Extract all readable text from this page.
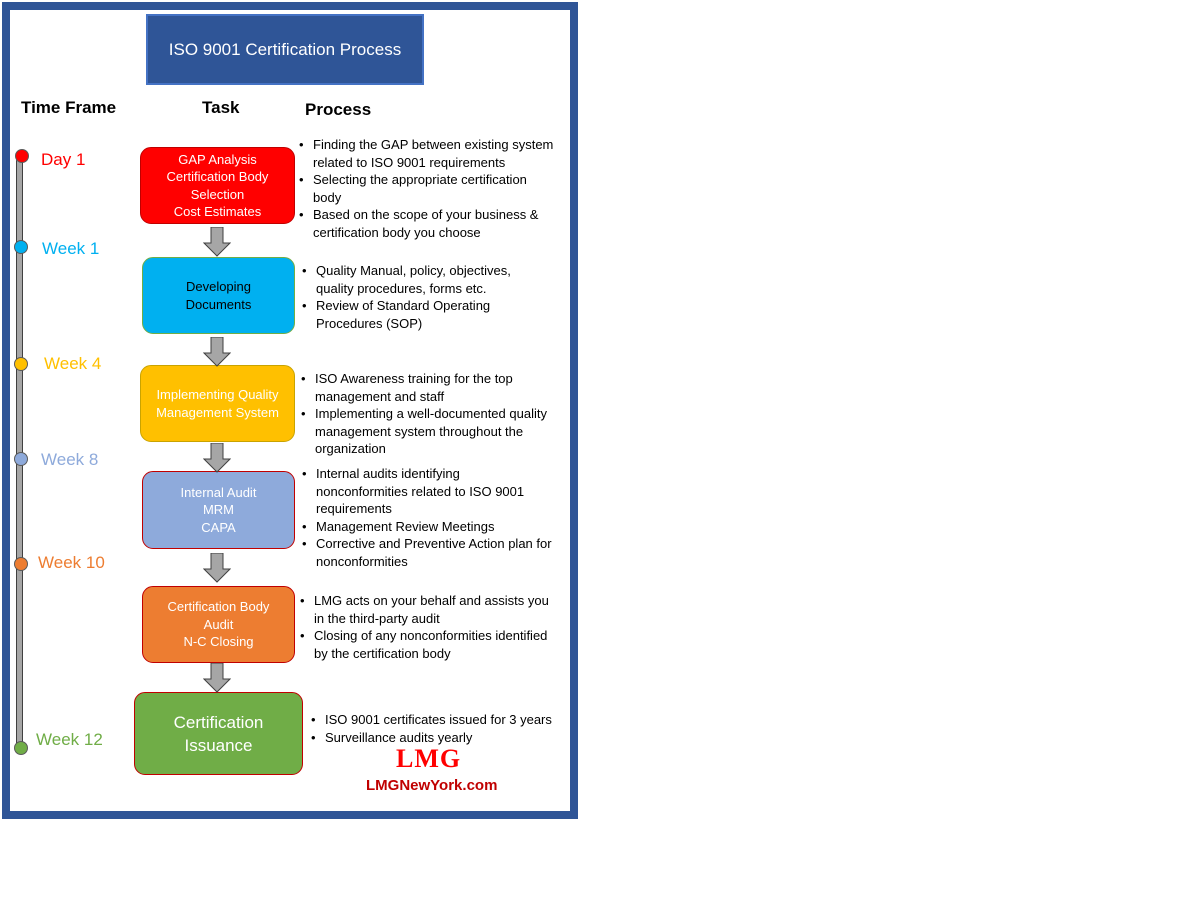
ISO 9001 Certification Process
Time Frame	Task	Process
Day 1
Week 1
Week 4
Week 8
Week 10
Week 12
GAP Analysis
Certification Body
Selection
Cost Estimates
Developing
Documents
Implementing Quality
Management System
Internal Audit
MRM
CAPA
Certification Body
Audit
N-C Closing
Certification
Issuance
• Finding the GAP between existing system
related to ISO 9001 requirements
• Selecting the appropriate certification
body
• Based on the scope of your business &
certification body you choose
• Quality Manual, policy, objectives,
quality procedures, forms etc.
• Review of Standard Operating
Procedures (SOP)
• ISO Awareness training for the top
management and staff
• Implementing a well-documented quality
management system throughout the
organization
• Internal audits identifying
nonconformities related to ISO 9001
requirements
• Management Review Meetings
• Corrective and Preventive Action plan for
nonconformities
• LMG acts on your behalf and assists you
in the third-party audit
• Closing of any nonconformities identified
by the certification body
• ISO 9001 certificates issued for 3 years
• Surveillance audits yearly
LMG
LMGNewYork.com
